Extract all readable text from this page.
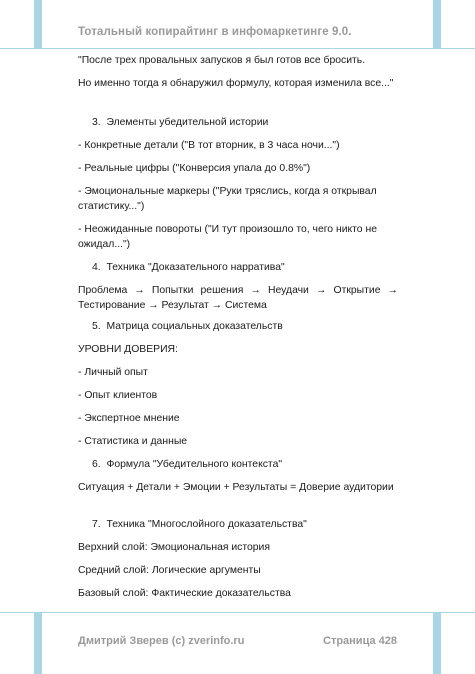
Тотальный копирайтинг в инфомаркетинге 9.0.

"После трех провальных запусков я был готов все бросить.

Но именно тогда я обнаружил формулу, которая изменила все..."

3. Элементы убедительной истории

- Конкретные детали ("В тот вторник, в 3 часа ночи...")

- Реальные цифры ("Конверсия упала до 0.8%")

- Эмоциональные маркеры ("Руки тряслись, когда я открывал статистику...")

- Неожиданные повороты ("И тут произошло то, чего никто не ожидал...")

4. Техника "Доказательного нарратива"

Проблема → Попытки решения → Неудачи → Открытие → Тестирование → Результат → Система

5. Матрица социальных доказательств

УРОВНИ ДОВЕРИЯ:

- Личный опыт

- Опыт клиентов

- Экспертное мнение

- Статистика и данные

6. Формула "Убедительного контекста"

Ситуация + Детали + Эмоции + Результаты = Доверие аудитории

7. Техника "Многослойного доказательства"

Верхний слой: Эмоциональная история

Средний слой: Логические аргументы

Базовый слой: Фактические доказательства

Дмитрий Зверев (c) zverinfo.ru	Страница 428
